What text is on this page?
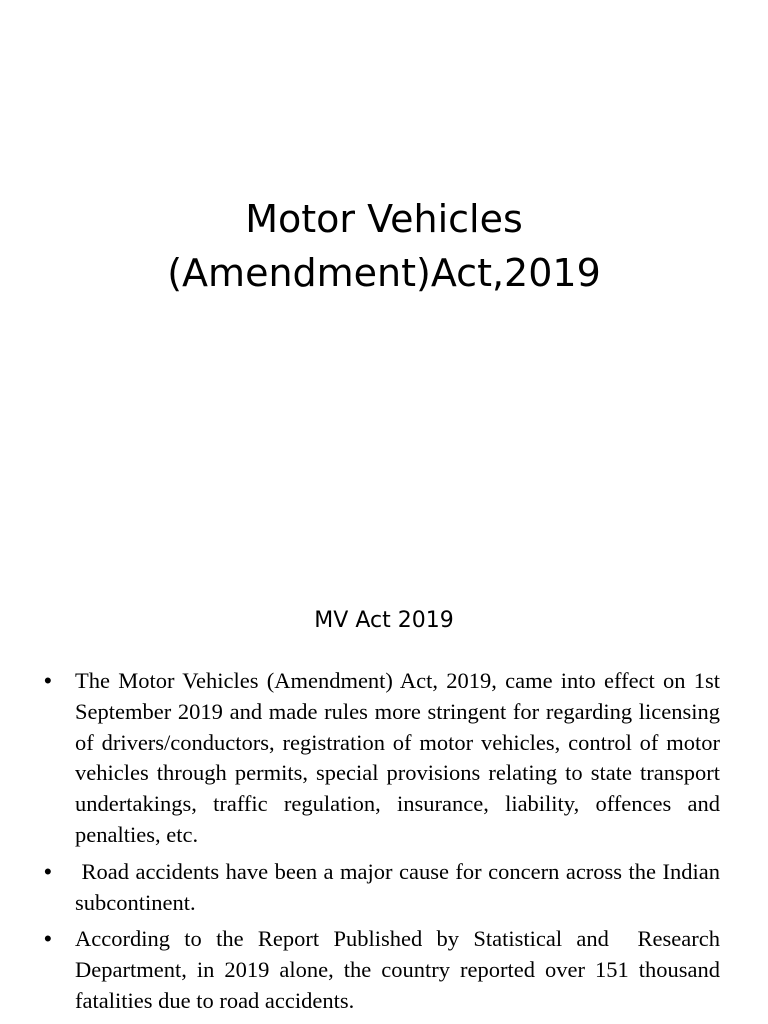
Motor Vehicles
(Amendment)Act,2019
MV Act 2019
• The Motor Vehicles (Amendment) Act, 2019, came into effect on 1st September 2019 and made rules more stringent for regarding licensing of drivers/conductors, registration of motor vehicles, control of motor vehicles through permits, special provisions relating to state transport undertakings, traffic regulation, insurance, liability, offences and penalties, etc.
• Road accidents have been a major cause for concern across the Indian subcontinent.
• According to the Report Published by Statistical and  Research Department, in 2019 alone, the country reported over 151 thousand fatalities due to road accidents.
